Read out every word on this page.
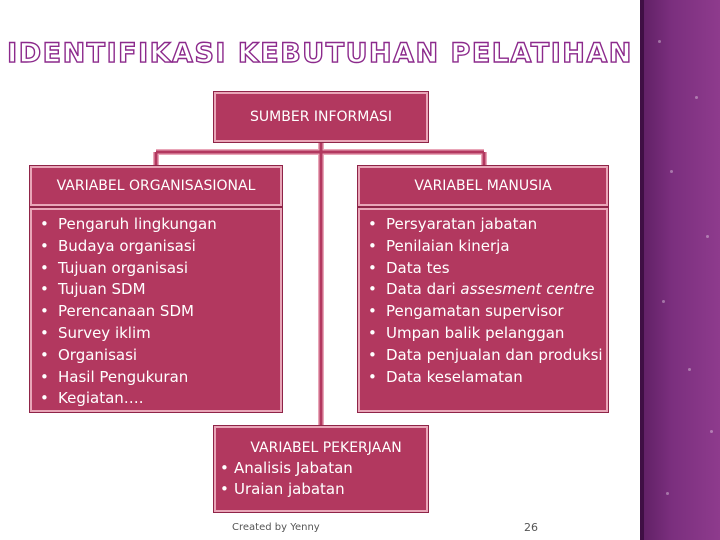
IDENTIFIKASI KEBUTUHAN PELATIHAN
SUMBER INFORMASI
VARIABEL ORGANISASIONAL
• Pengaruh lingkungan
• Budaya organisasi
• Tujuan organisasi
• Tujuan SDM
• Perencanaan SDM
• Survey iklim
• Organisasi
• Hasil Pengukuran
• Kegiatan….
VARIABEL MANUSIA
• Persyaratan jabatan
• Penilaian kinerja
• Data tes
• Data dari assesment centre
• Pengamatan supervisor
• Umpan balik pelanggan
• Data penjualan dan produksi
• Data keselamatan
VARIABEL PEKERJAAN
• Analisis Jabatan
• Uraian jabatan
Created by Yenny	26
